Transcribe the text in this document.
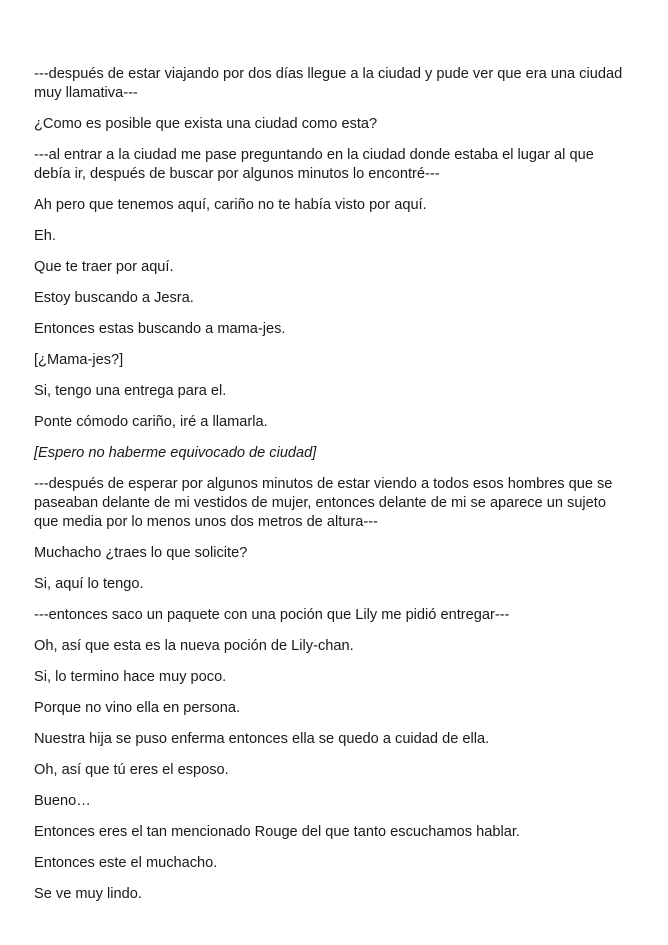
---después de estar viajando por dos días llegue a la ciudad y pude ver que era una ciudad muy llamativa---

¿Como es posible que exista una ciudad como esta?

---al entrar a la ciudad me pase preguntando en la ciudad donde estaba el lugar al que debía ir, después de buscar por algunos minutos lo encontré---

Ah pero que tenemos aquí, cariño no te había visto por aquí.

Eh.

Que te traer por aquí.

Estoy buscando a Jesra.

Entonces estas buscando a mama-jes.

[¿Mama-jes?]

Si, tengo una entrega para el.

Ponte cómodo cariño, iré a llamarla.

[Espero no haberme equivocado de ciudad]

---después de esperar por algunos minutos de estar viendo a todos esos hombres que se paseaban delante de mi vestidos de mujer, entonces delante de mi se aparece un sujeto que media por lo menos unos dos metros de altura---

Muchacho ¿traes lo que solicite?

Si, aquí lo tengo.

---entonces saco un paquete con una poción que Lily me pidió entregar---

Oh, así que esta es la nueva poción de Lily-chan.

Si, lo termino hace muy poco.

Porque no vino ella en persona.

Nuestra hija se puso enferma entonces ella se quedo a cuidad de ella.

Oh, así que tú eres el esposo.

Bueno…

Entonces eres el tan mencionado Rouge del que tanto escuchamos hablar.

Entonces este el muchacho.

Se ve muy lindo.
